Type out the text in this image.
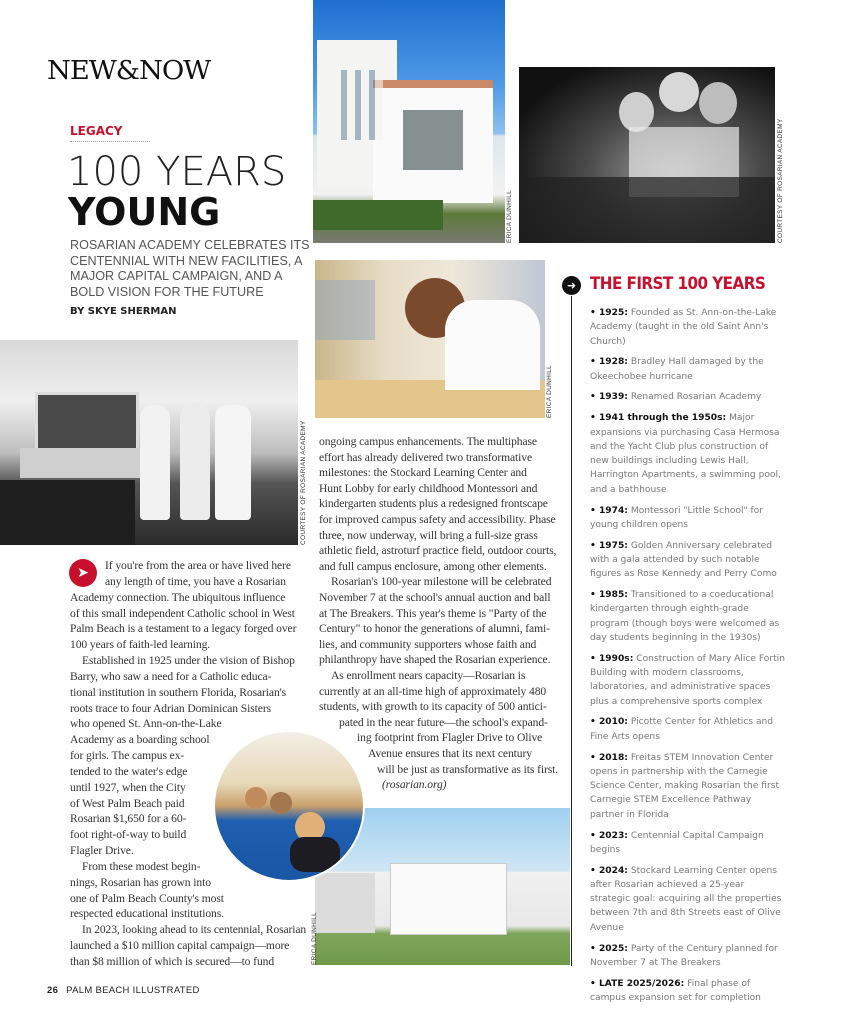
NEW&NOW
LEGACY
100 YEARS
YOUNG
ROSARIAN ACADEMY CELEBRATES ITS CENTENNIAL WITH NEW FACILITIES, A MAJOR CAPITAL CAMPAIGN, AND A BOLD VISION FOR THE FUTURE
BY SKYE SHERMAN
ERICA DUNHILL	COURTESY OF ROSARIAN ACADEMY
ERICA DUNHILL
COURTESY OF ROSARIAN ACADEMY
ERICA DUNHILL
➤	If you're from the area or have lived here
any length of time, you have a Rosarian
Academy connection. The ubiquitous influence
of this small independent Catholic school in West
Palm Beach is a testament to a legacy forged over
100 years of faith-led learning.
Established in 1925 under the vision of Bishop
Barry, who saw a need for a Catholic educa-
tional institution in southern Florida, Rosarian's
roots trace to four Adrian Dominican Sisters
who opened St. Ann-on-the-Lake
Academy as a boarding school
for girls. The campus ex-
tended to the water's edge
until 1927, when the City
of West Palm Beach paid
Rosarian $1,650 for a 60-
foot right-of-way to build
Flagler Drive.
From these modest begin-
nings, Rosarian has grown into
one of Palm Beach County's most
respected educational institutions.
In 2023, looking ahead to its centennial, Rosarian
launched a $10 million capital campaign—more
than $8 million of which is secured—to fund
ongoing campus enhancements. The multiphase
effort has already delivered two transformative
milestones: the Stockard Learning Center and
Hunt Lobby for early childhood Montessori and
kindergarten students plus a redesigned frontscape
for improved campus safety and accessibility. Phase
three, now underway, will bring a full-size grass
athletic field, astroturf practice field, outdoor courts,
and full campus enclosure, among other elements.
Rosarian's 100-year milestone will be celebrated
November 7 at the school's annual auction and ball
at The Breakers. This year's theme is "Party of the
Century" to honor the generations of alumni, fami-
lies, and community supporters whose faith and
philanthropy have shaped the Rosarian experience.
As enrollment nears capacity—Rosarian is
currently at an all-time high of approximately 480
students, with growth to its capacity of 500 antici-
pated in the near future—the school's expand-
ing footprint from Flagler Drive to Olive
Avenue ensures that its next century
will be just as transformative as its first.
(rosarian.org)
➜ THE FIRST 100 YEARS
• 1925: Founded as St. Ann-on-the-Lake Academy (taught in the old Saint Ann's Church)
• 1928: Bradley Hall damaged by the Okeechobee hurricane
• 1939: Renamed Rosarian Academy
• 1941 through the 1950s: Major expansions via purchasing Casa Hermosa and the Yacht Club plus construction of new buildings including Lewis Hall, Harrington Apartments, a swimming pool, and a bathhouse
• 1974: Montessori "Little School" for young children opens
• 1975: Golden Anniversary celebrated with a gala attended by such notable figures as Rose Kennedy and Perry Como
• 1985: Transitioned to a coeducational kindergarten through eighth-grade program (though boys were welcomed as day students beginning in the 1930s)
• 1990s: Construction of Mary Alice Fortin Building with modern classrooms, laboratories, and administrative spaces plus a comprehensive sports complex
• 2010: Picotte Center for Athletics and Fine Arts opens
• 2018: Freitas STEM Innovation Center opens in partnership with the Carnegie Science Center, making Rosarian the first Carnegie STEM Excellence Pathway partner in Florida
• 2023: Centennial Capital Campaign begins
• 2024: Stockard Learning Center opens after Rosarian achieved a 25-year strategic goal: acquiring all the properties between 7th and 8th Streets east of Olive Avenue
• 2025: Party of the Century planned for November 7 at The Breakers
• LATE 2025/2026: Final phase of campus expansion set for completion
26 PALM BEACH ILLUSTRATED
